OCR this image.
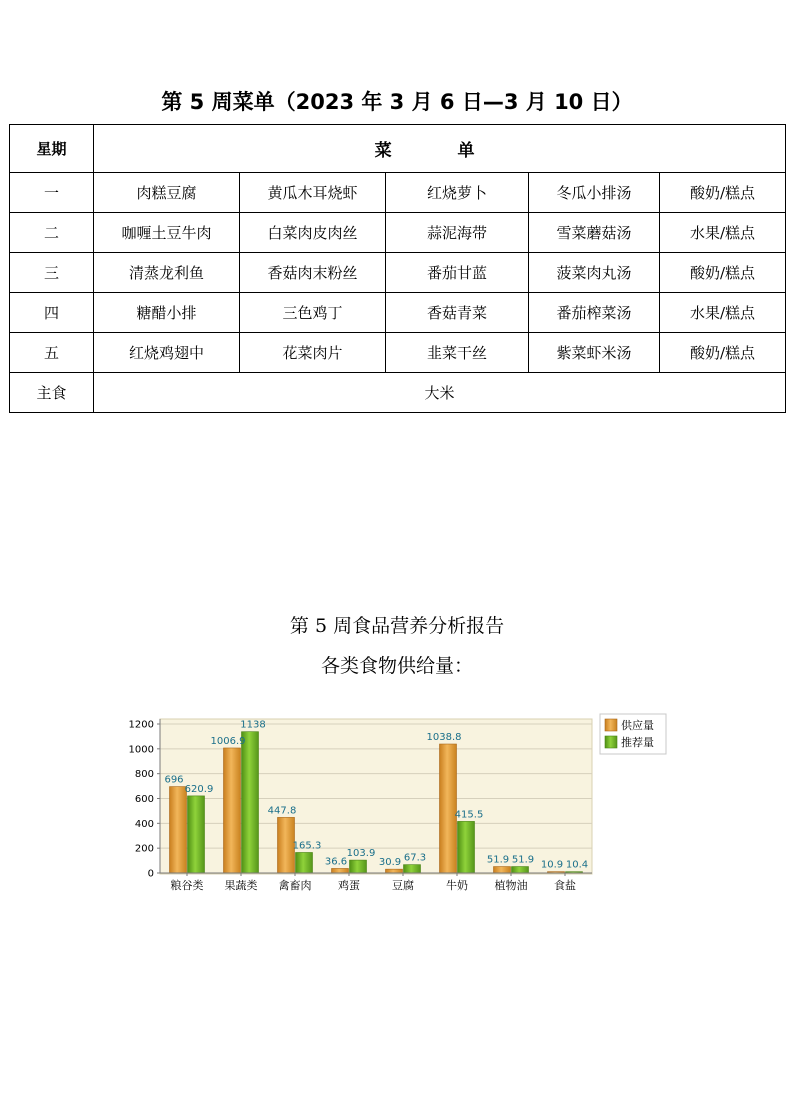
第 5 周菜单（2023 年 3 月 6 日—3 月 10 日）
星期	菜 单				
一	肉糕豆腐	黄瓜木耳烧虾	红烧萝卜	冬瓜小排汤	酸奶/糕点
二	咖喱土豆牛肉	白菜肉皮肉丝	蒜泥海带	雪菜蘑菇汤	水果/糕点
三	清蒸龙利鱼	香菇肉末粉丝	番茄甘蓝	菠菜肉丸汤	酸奶/糕点
四	糖醋小排	三色鸡丁	香菇青菜	番茄榨菜汤	水果/糕点
五	红烧鸡翅中	花菜肉片	韭菜干丝	紫菜虾米汤	酸奶/糕点
主食	大米				
第 5 周食品营养分析报告
各类食物供给量：
0
200
400
600
800
1000
1200
696
620.9
1006.9
1138
447.8
165.3
36.6
103.9
30.9 67.3
1038.8
415.5
51.9 51.9 10.9 10.4
粮谷类 果蔬类 禽畜肉 鸡蛋	豆腐	牛奶 植物油 食盐
供应量
推荐量
